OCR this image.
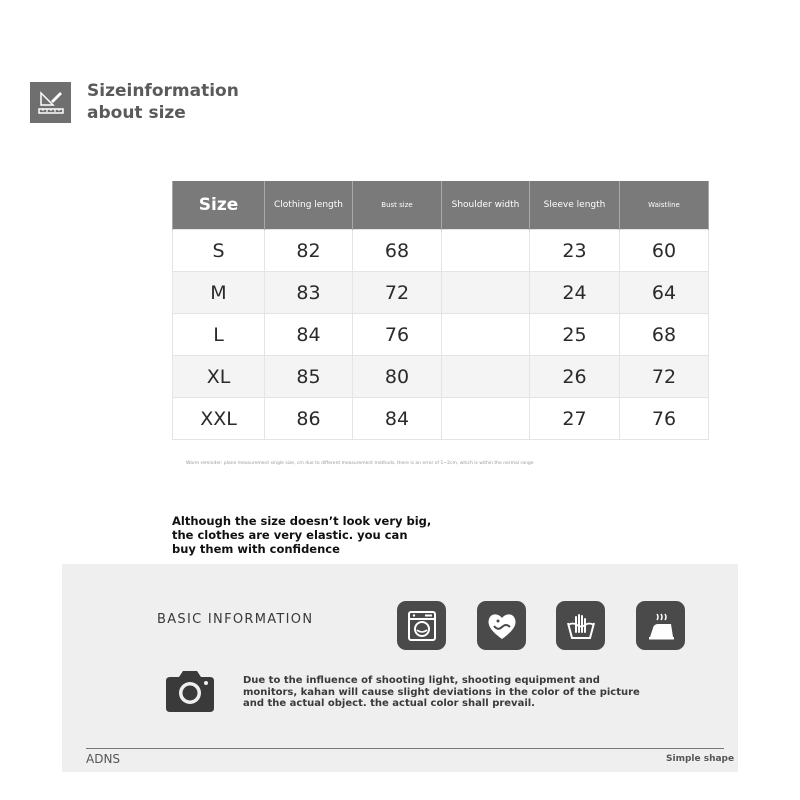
Sizeinformation
about size
Size	Clothing length	Bust size	Shoulder width	Sleeve length	Waistline
S	82	68		23	60
M	83	72		24	64
L	84	76		25	68
XL	85	80		26	72
XXL	86	84		27	76
Warm reminder: plane measurement single size, cm due to different measurement methods, there is an error of 1~2cm, which is within the normal range
Although the size doesn’t look very big, the clothes are very elastic. you can buy them with confidence
BASIC INFORMATION
Due to the influence of shooting light, shooting equipment and monitors, kahan will cause slight deviations in the color of the picture and the actual object. the actual color shall prevail.
ADNS	Simple shape
